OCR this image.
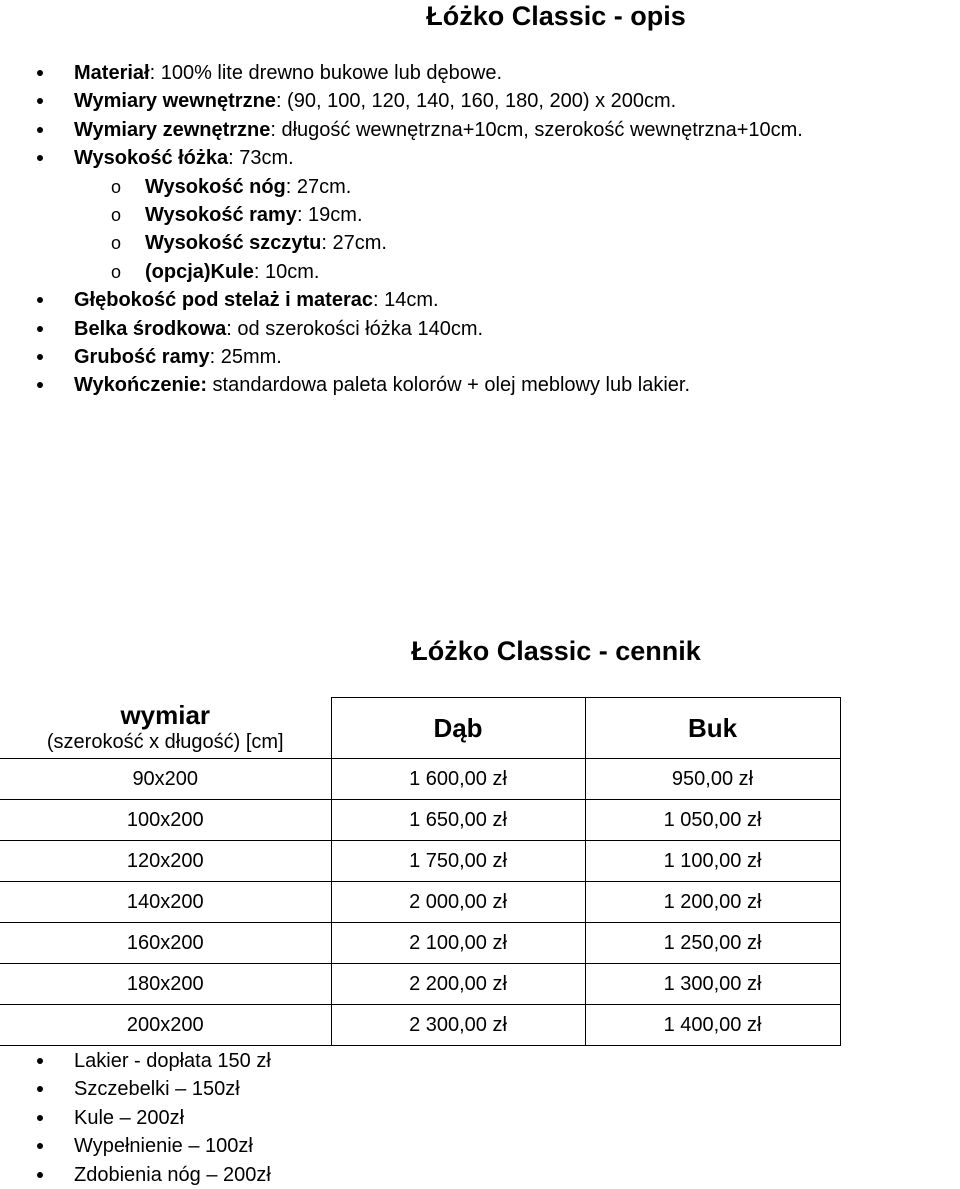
Łóżko Classic - opis
Materiał: 100% lite drewno bukowe lub dębowe.
Wymiary wewnętrzne: (90, 100, 120, 140, 160, 180, 200) x 200cm.
Wymiary zewnętrzne: długość wewnętrzna+10cm, szerokość wewnętrzna+10cm.
Wysokość łóżka: 73cm.
o Wysokość nóg: 27cm.
o Wysokość ramy: 19cm.
o Wysokość szczytu: 27cm.
o (opcja)Kule: 10cm.
Głębokość pod stelaż i materac: 14cm.
Belka środkowa: od szerokości łóżka 140cm.
Grubość ramy: 25mm.
Wykończenie: standardowa paleta kolorów + olej meblowy lub lakier.
Łóżko Classic - cennik
wymiar
(szerokość x długość) [cm]	Dąb	Buk
90x200	1 600,00 zł	950,00 zł
100x200	1 650,00 zł	1 050,00 zł
120x200	1 750,00 zł	1 100,00 zł
140x200	2 000,00 zł	1 200,00 zł
160x200	2 100,00 zł	1 250,00 zł
180x200	2 200,00 zł	1 300,00 zł
200x200	2 300,00 zł	1 400,00 zł
Lakier - dopłata 150 zł
Szczebelki – 150zł
Kule – 200zł
Wypełnienie – 100zł
Zdobienia nóg – 200zł
